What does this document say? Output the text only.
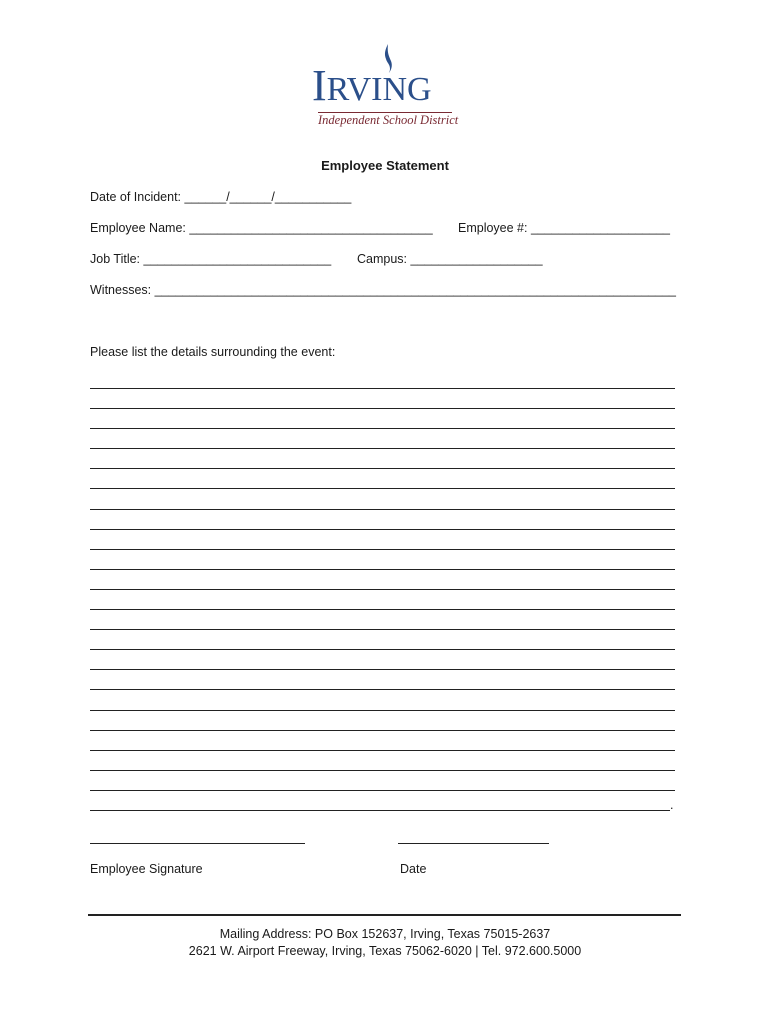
IRVING
Independent School District
Employee Statement
Date of Incident: ______/______/___________
Employee Name: ___________________________________ Employee #: ____________________
Job Title: ___________________________ Campus: ___________________
Witnesses: ___________________________________________________________________________
Please list the details surrounding the event:
.
Employee Signature	Date
Mailing Address: PO Box 152637, Irving, Texas 75015-2637
2621 W. Airport Freeway, Irving, Texas 75062-6020 | Tel. 972.600.5000
